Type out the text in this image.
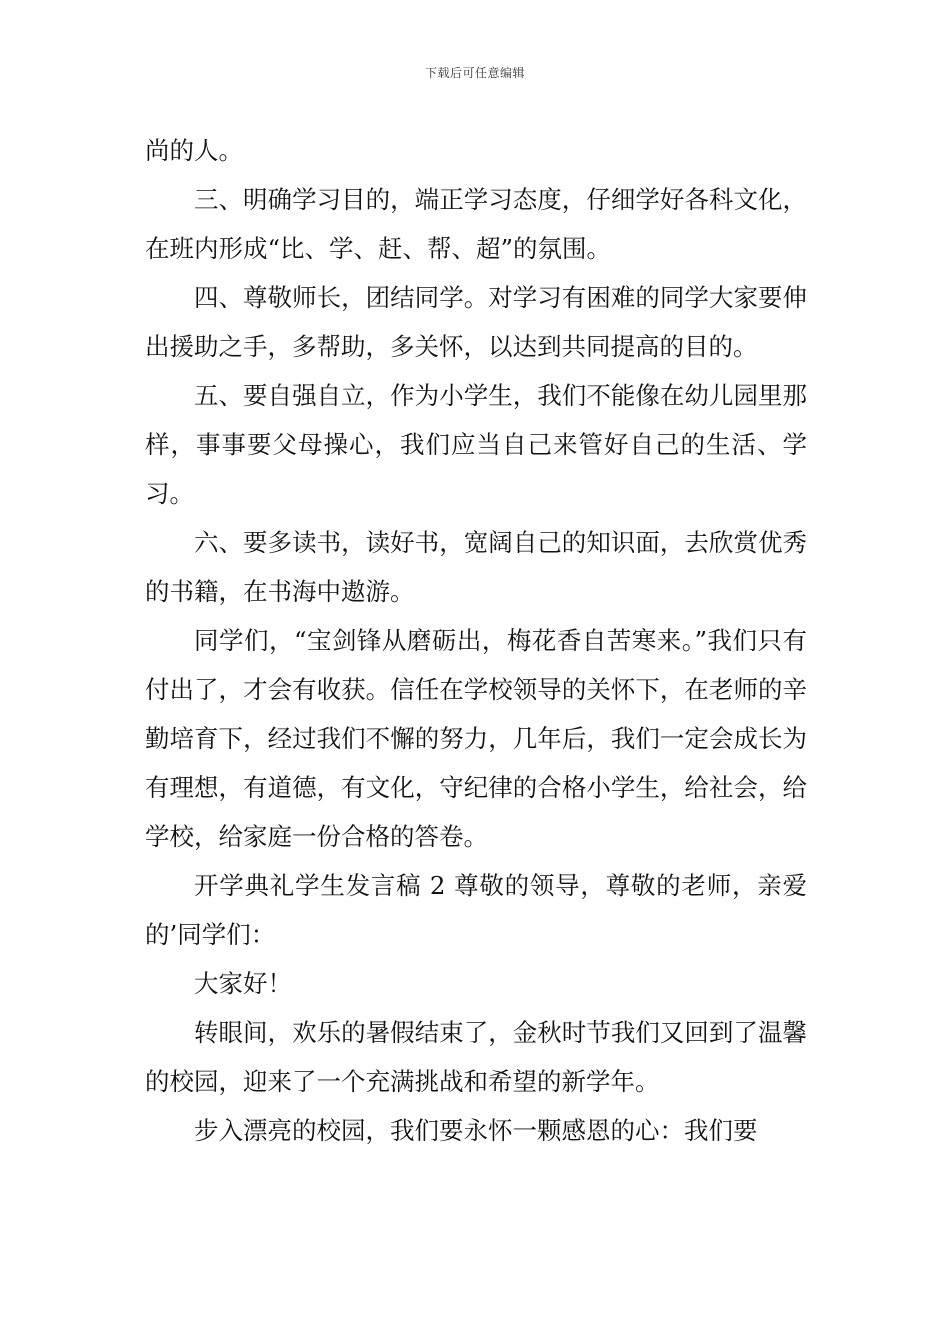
下载后可任意编辑

尚的人。

三、明确学习目的，端正学习态度，仔细学好各科文化，在班内形成“比、学、赶、帮、超”的氛围。

四、尊敬师长，团结同学。对学习有困难的同学大家要伸出援助之手，多帮助，多关怀，以达到共同提高的目的。

五、要自强自立，作为小学生，我们不能像在幼儿园里那样，事事要父母操心，我们应当自己来管好自己的生活、学习。

六、要多读书，读好书，宽阔自己的知识面，去欣赏优秀的书籍，在书海中遨游。

同学们，“宝剑锋从磨砺出，梅花香自苦寒来。”我们只有付出了，才会有收获。信任在学校领导的关怀下，在老师的辛勤培育下，经过我们不懈的努力，几年后，我们一定会成长为有理想，有道德，有文化，守纪律的合格小学生，给社会，给学校，给家庭一份合格的答卷。

开学典礼学生发言稿 2 尊敬的领导，尊敬的老师，亲爱的’同学们：

大家好！

转眼间，欢乐的暑假结束了，金秋时节我们又回到了温馨的校园，迎来了一个充满挑战和希望的新学年。

步入漂亮的校园，我们要永怀一颗感恩的心：我们要
